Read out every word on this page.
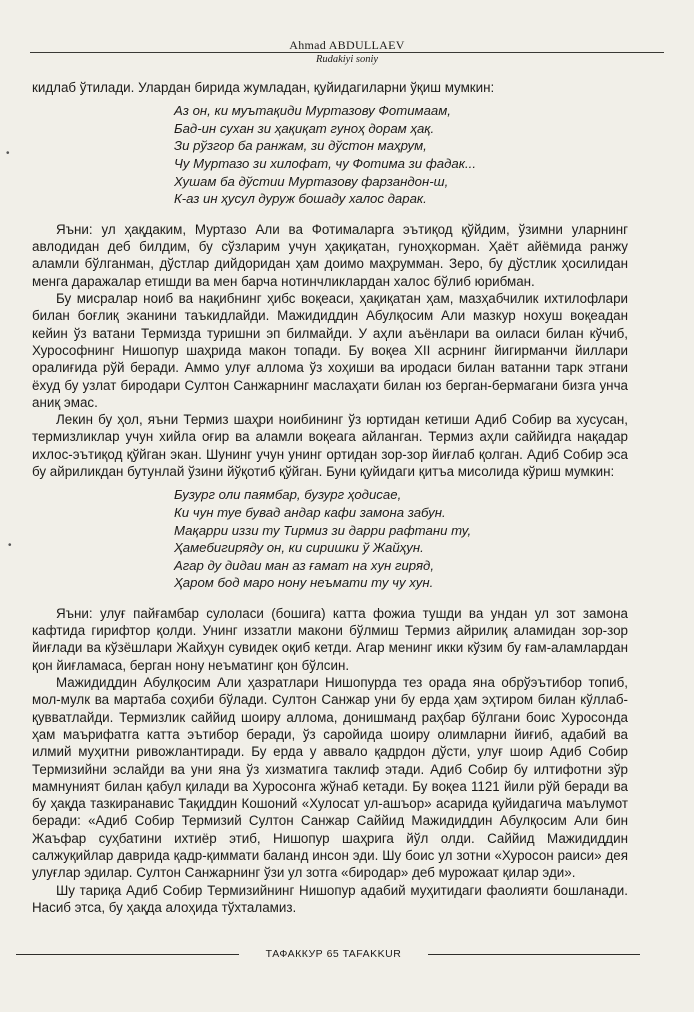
Ahmad ABDULLAEV
Rudakiyi soniy
•
•

кидлаб ўтилади. Улардан бирида жумладан, қуйидагиларни ўқиш мумкин:

Аз он, ки муътақиди Муртазову Фотимаам,
Бад-ин сухан зи ҳақиқат гуноҳ дорам ҳақ.
Зи рўзгор ба ранжам, зи дўстон маҳрум,
Чу Муртазо зи хилофат, чу Фотима зи фадак...
Хушам ба дўстии Муртазову фарзандон-ш,
К-аз ин ҳусул дуруж бошаду халос дарак.

Яъни: ул ҳақдаким, Муртазо Али ва Фотималарга эътиқод қўйдим, ўзимни уларнинг авлодидан деб билдим, бу сўзларим учун ҳақиқатан, гуноҳкорман. Ҳаёт айёмида ранжу аламли бўлганман, дўстлар дийдоридан ҳам доимо маҳрумман. Зеро, бу дўстлик ҳосилидан менга даражалар етишди ва мен барча нотинчликлардан халос бўлиб юрибман.

Бу мисралар ноиб ва нақибнинг ҳибс воқеаси, ҳақиқатан ҳам, мазҳабчилик ихтилофлари билан боғлиқ эканини таъкидлайди. Мажидиддин Абулқосим Али мазкур нохуш воқеадан кейин ўз ватани Термизда туришни эп билмайди. У аҳли аъёнлари ва оиласи билан кўчиб, Хурософнинг Нишопур шаҳрида макон топади. Бу воқеа XII асрнинг йигирманчи йиллари оралиғида рўй беради. Аммо улуғ аллома ўз хоҳиши ва иродаси билан ватанни тарк этгани ёхуд бу узлат биродари Султон Санжарнинг маслаҳати билан юз берган-бермагани бизга унча аниқ эмас.

Лекин бу ҳол, яъни Термиз шаҳри ноибининг ўз юртидан кетиши Адиб Собир ва хусусан, термизликлар учун хийла оғир ва аламли воқеага айланган. Термиз аҳли саййидга нақадар ихлос-эътиқод қўйган экан. Шунинг учун унинг ортидан зор-зор йиғлаб қолган. Адиб Собир эса бу айриликдан бутунлай ўзини йўқотиб қўйган. Буни қуйидаги қитъа мисолида кўриш мумкин:

Бузург оли паямбар, бузург ҳодисае,
Ки чун туе бувад андар кафи замона забун.
Мақарри иззи ту Тирмиз зи дарри рафтани ту,
Ҳамебигиряду он, ки сиришки ў Жайҳун.
Агар ду дидаи ман аз ғамат на хун гиряд,
Ҳаром бод маро нону неъмати ту чу хун.

Яъни: улуғ пайғамбар сулоласи (бошига) катта фожиа тушди ва ундан ул зот замона кафтида гирифтор қолди. Унинг иззатли макони бўлмиш Термиз айрилиқ аламидан зор-зор йиғлади ва кўзёшлари Жайҳун сувидек оқиб кетди. Агар менинг икки кўзим бу ғам-аламлардан қон йиғламаса, берган нону неъматинг қон бўлсин.

Мажидиддин Абулқосим Али ҳазратлари Нишопурда тез орада яна обрўэътибор топиб, мол-мулк ва мартаба соҳиби бўлади. Султон Санжар уни бу ерда ҳам эҳтиром билан кўллаб-қувватлайди. Термизлик саййид шоиру аллома, донишманд раҳбар бўлгани боис Хуросонда ҳам маърифатга катта эътибор беради, ўз саройида шоиру олимларни йиғиб, адабий ва илмий муҳитни ривожлантиради. Бу ерда у аввало қадрдон дўсти, улуғ шоир Адиб Собир Термизийни эслайди ва уни яна ўз хизматига таклиф этади. Адиб Собир бу илтифотни зўр мамнуният билан қабул қилади ва Хуросонга жўнаб кетади. Бу воқеа 1121 йили рўй беради ва бу ҳақда тазкиранавис Тақиддин Кошоний «Хулосат ул-ашъор» асарида қуйидагича маълумот беради: «Адиб Собир Термизий Султон Санжар Саййид Мажидиддин Абулқосим Али бин Жаъфар суҳбатини ихтиёр этиб, Нишопур шаҳрига йўл олди. Саййид Мажидиддин салжуқийлар даврида қадр-қиммати баланд инсон эди. Шу боис ул зотни «Хуросон раиси» дея улуғлар эдилар. Султон Санжарнинг ўзи ул зотга «биродар» деб мурожаат қилар эди».

Шу тариқа Адиб Собир Термизийнинг Нишопур адабий муҳитидаги фаолияти бошланади. Насиб этса, бу ҳақда алоҳида тўхталамиз.

ТАФАККУР 65 TAFAKKUR
